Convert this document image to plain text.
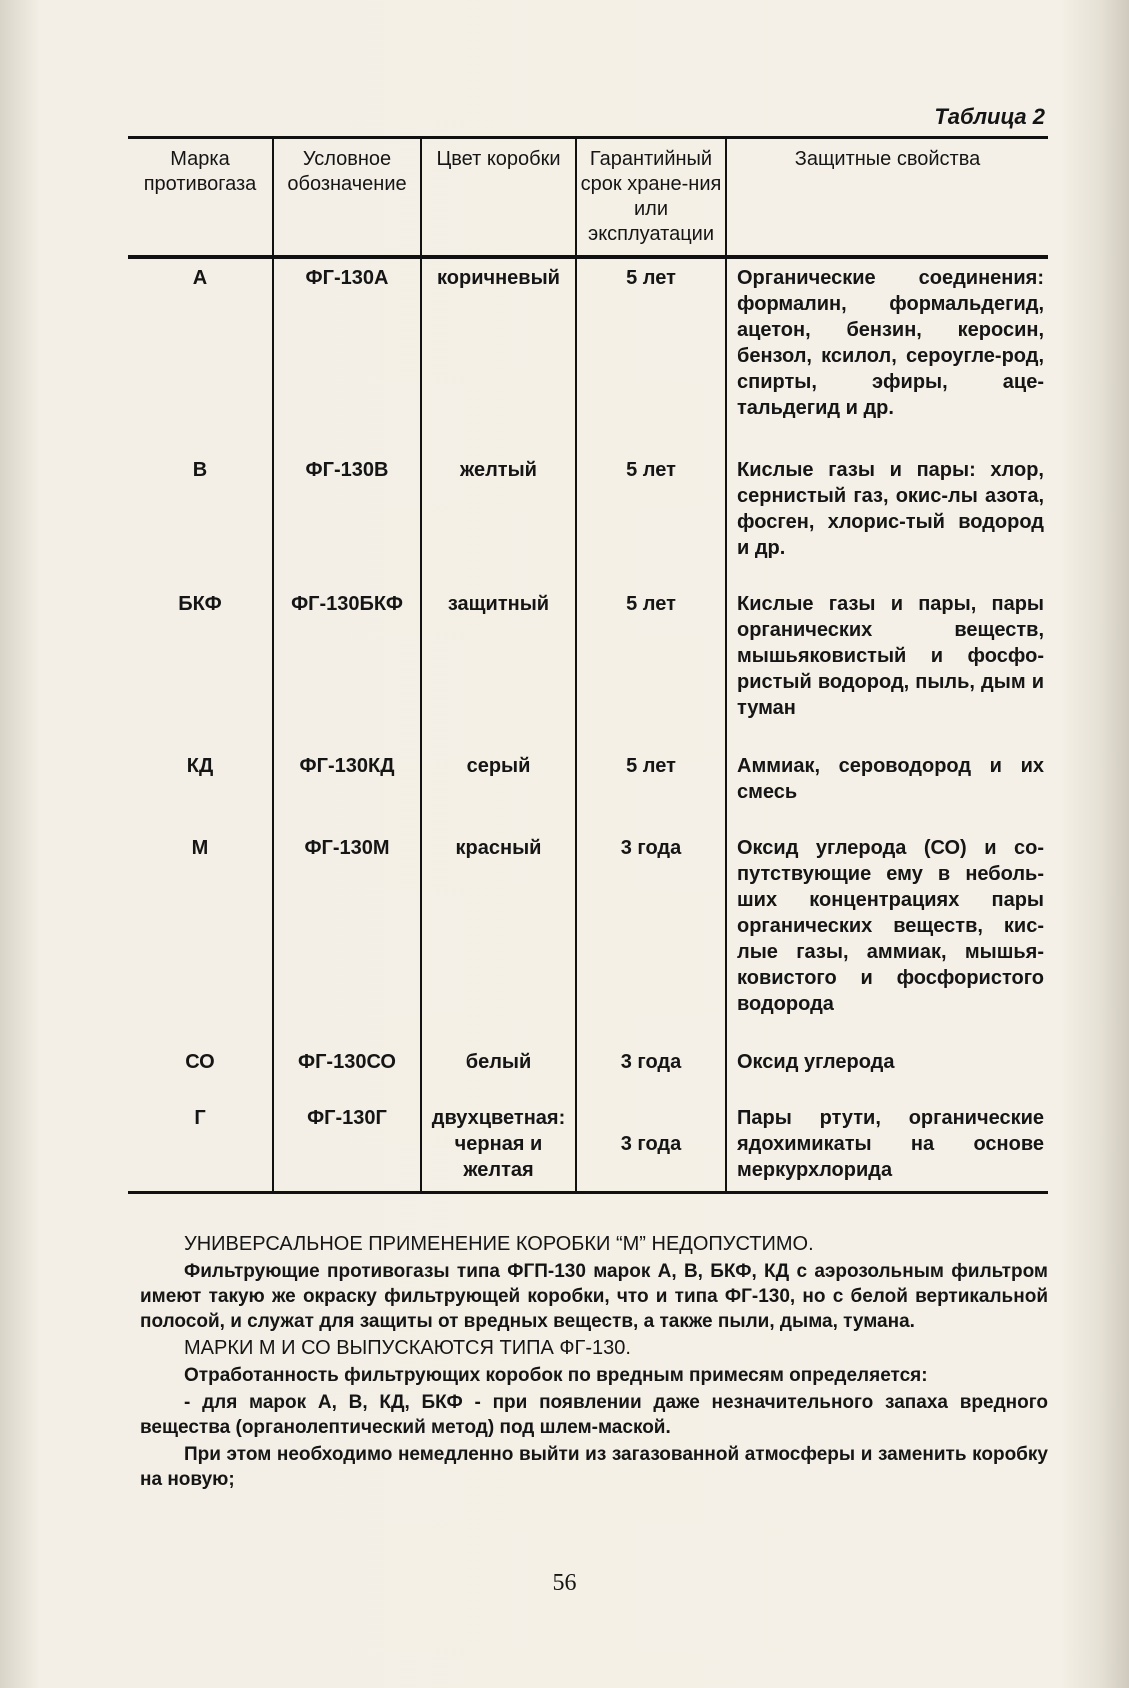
Таблица 2
Марка противогаза	Условное обозначение	Цвет коробки	Гарантийный срок хране-ния или эксплуатации	Защитные свойства
А	ФГ-130А	коричневый	5 лет	Органические соединения: формалин, формальдегид, ацетон, бензин, керосин, бензол, ксилол, сероугле-род, спирты, эфиры, аце-тальдегид и др.
В	ФГ-130В	желтый	5 лет	Кислые газы и пары: хлор, сернистый газ, окис-лы азота, фосген, хлорис-тый водород и др.
БКФ	ФГ-130БКФ	защитный	5 лет	Кислые газы и пары, пары органических веществ, мышьяковистый и фосфо-ристый водород, пыль, дым и туман
КД	ФГ-130КД	серый	5 лет	Аммиак, сероводород и их смесь
М	ФГ-130М	красный	3 года	Оксид углерода (СО) и со-путствующие ему в неболь-ших концентрациях пары органических веществ, кис-лые газы, аммиак, мышья-ковистого и фосфористого водорода
СО	ФГ-130СО	белый	3 года	Оксид углерода
Г	ФГ-130Г	двухцветная: черная и желтая	3 года	Пары ртути, органические ядохимикаты на основе меркурхлорида

УНИВЕРСАЛЬНОЕ ПРИМЕНЕНИЕ КОРОБКИ “М” НЕДОПУСТИМО.

Фильтрующие противогазы типа ФГП-130 марок А, В, БКФ, КД с аэрозольным фильтром имеют такую же окраску фильтрующей коробки, что и типа ФГ-130, но с белой вертикальной полосой, и служат для защиты от вредных веществ, а также пыли, дыма, тумана.

МАРКИ М И СО ВЫПУСКАЮТСЯ ТИПА ФГ-130.

Отработанность фильтрующих коробок по вредным примесям определяется:

- для марок А, В, КД, БКФ - при появлении даже незначительного запаха вредного вещества (органолептический метод) под шлем-маской.

При этом необходимо немедленно выйти из загазованной атмосферы и заменить коробку на новую;

56
